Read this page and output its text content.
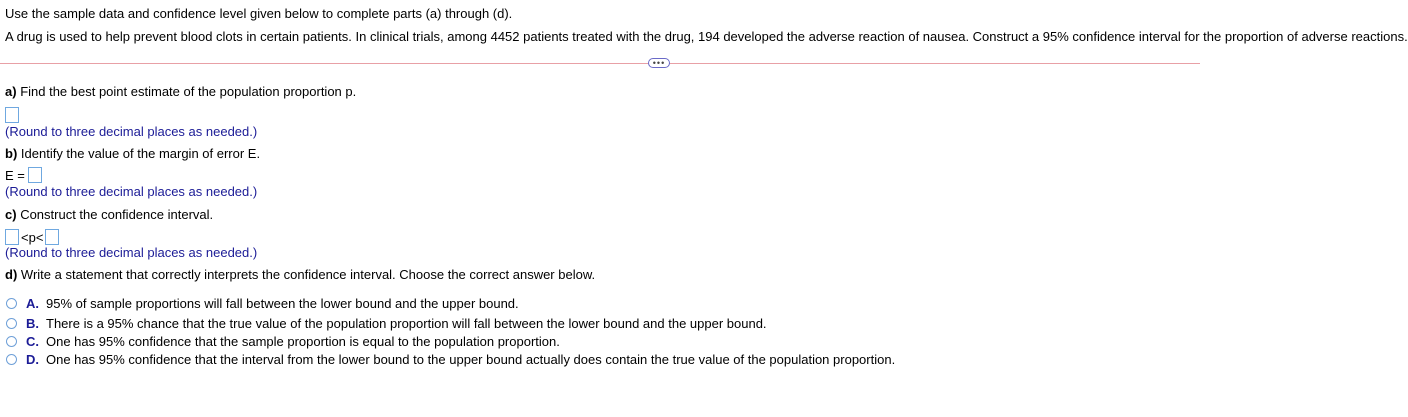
Use the sample data and confidence level given below to complete parts (a) through (d).
A drug is used to help prevent blood clots in certain patients. In clinical trials, among 4452 patients treated with the drug, 194 developed the adverse reaction of nausea. Construct a 95% confidence interval for the proportion of adverse reactions.
•••
a) Find the best point estimate of the population proportion p.
(Round to three decimal places as needed.)
b) Identify the value of the margin of error E.
E =
(Round to three decimal places as needed.)
c) Construct the confidence interval.
<p<
(Round to three decimal places as needed.)
d) Write a statement that correctly interprets the confidence interval. Choose the correct answer below.
A. 95% of sample proportions will fall between the lower bound and the upper bound.
B. There is a 95% chance that the true value of the population proportion will fall between the lower bound and the upper bound.
C. One has 95% confidence that the sample proportion is equal to the population proportion.
D. One has 95% confidence that the interval from the lower bound to the upper bound actually does contain the true value of the population proportion.
